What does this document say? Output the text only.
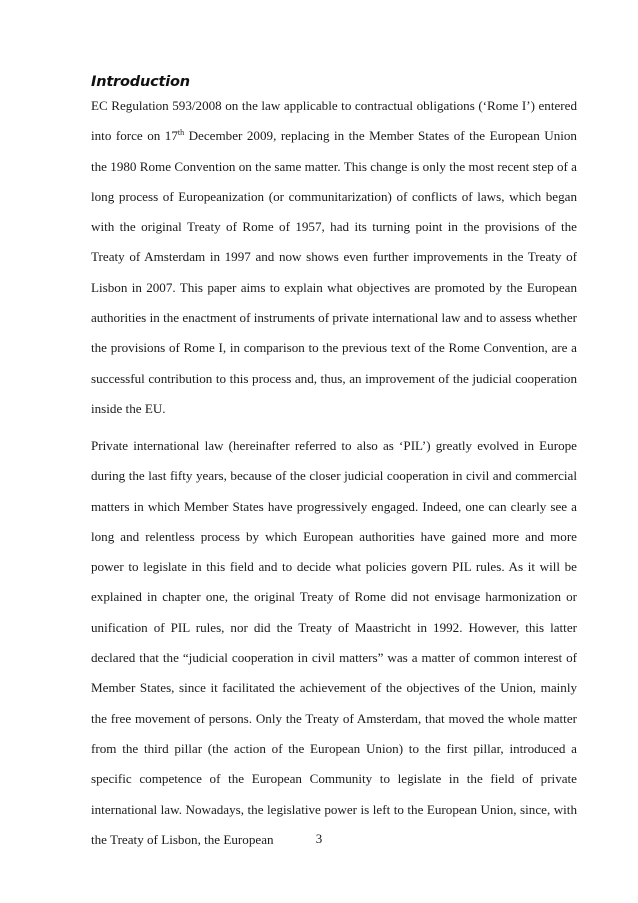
Introduction

EC Regulation 593/2008 on the law applicable to contractual obligations (‘Rome I’) entered into force on 17th December 2009, replacing in the Member States of the European Union the 1980 Rome Convention on the same matter. This change is only the most recent step of a long process of Europeanization (or communitarization) of conflicts of laws, which began with the original Treaty of Rome of 1957, had its turning point in the provisions of the Treaty of Amsterdam in 1997 and now shows even further improvements in the Treaty of Lisbon in 2007. This paper aims to explain what objectives are promoted by the European authorities in the enactment of instruments of private international law and to assess whether the provisions of Rome I, in comparison to the previous text of the Rome Convention, are a successful contribution to this process and, thus, an improvement of the judicial cooperation inside the EU.

Private international law (hereinafter referred to also as ‘PIL’) greatly evolved in Europe during the last fifty years, because of the closer judicial cooperation in civil and commercial matters in which Member States have progressively engaged. Indeed, one can clearly see a long and relentless process by which European authorities have gained more and more power to legislate in this field and to decide what policies govern PIL rules. As it will be explained in chapter one, the original Treaty of Rome did not envisage harmonization or unification of PIL rules, nor did the Treaty of Maastricht in 1992. However, this latter declared that the “judicial cooperation in civil matters” was a matter of common interest of Member States, since it facilitated the achievement of the objectives of the Union, mainly the free movement of persons. Only the Treaty of Amsterdam, that moved the whole matter from the third pillar (the action of the European Union) to the first pillar, introduced a specific competence of the European Community to legislate in the field of private international law. Nowadays, the legislative power is left to the European Union, since, with the Treaty of Lisbon, the European	3
